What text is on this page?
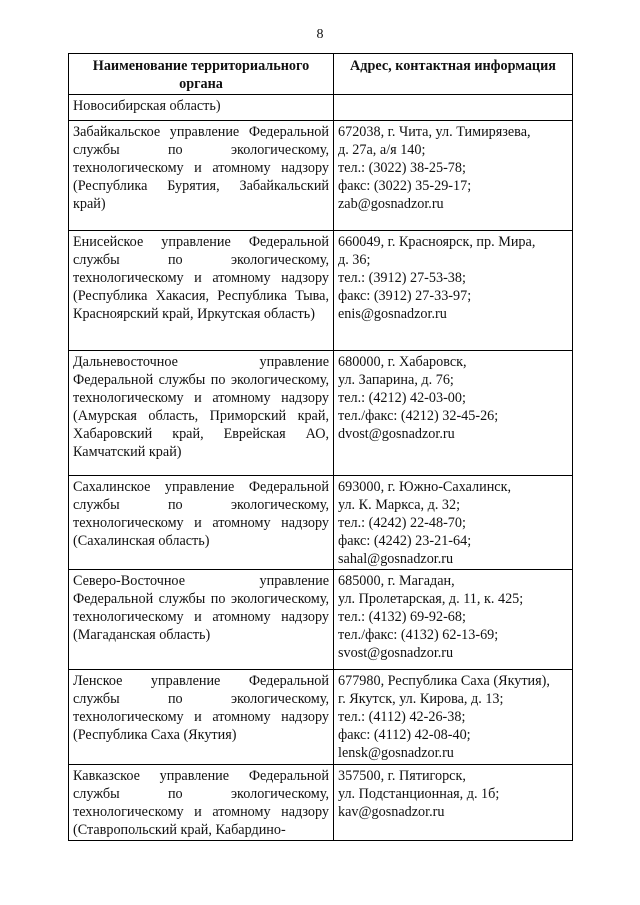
8
Наименование территориального органа	Адрес, контактная информация
Новосибирская область)	
Забайкальское управление Федеральной службы по экологическому, технологическому и атомному надзору (Республика Бурятия, Забайкальский край)	672038, г. Чита, ул. Тимирязева,
д. 27а, а/я 140;
тел.: (3022) 38-25-78;
факс: (3022) 35-29-17;
zab@gosnadzor.ru

Енисейское управление Федеральной службы по экологическому, технологическому и атомному надзору (Республика Хакасия, Республика Тыва, Красноярский край, Иркутская область)	660049, г. Красноярск, пр. Мира,
д. 36;
тел.: (3912) 27-53-38;
факс: (3912) 27-33-97;
enis@gosnadzor.ru

Дальневосточное управление Федеральной службы по экологическому, технологическому и атомному надзору (Амурская область, Приморский край, Хабаровский край, Еврейская АО, Камчатский край)	680000, г. Хабаровск,
ул. Запарина, д. 76;
тел.: (4212) 42-03-00;
тел./факс: (4212) 32-45-26;
dvost@gosnadzor.ru

Сахалинское управление Федеральной службы по экологическому, технологическому и атомному надзору (Сахалинская область)	693000, г. Южно-Сахалинск,
ул. К. Маркса, д. 32;
тел.: (4242) 22-48-70;
факс: (4242) 23-21-64;
sahal@gosnadzor.ru

Северо-Восточное управление Федеральной службы по экологическому, технологическому и атомному надзору (Магаданская область)	685000, г. Магадан,
ул. Пролетарская, д. 11, к. 425;
тел.: (4132) 69-92-68;
тел./факс: (4132) 62-13-69;
svost@gosnadzor.ru

Ленское управление Федеральной службы по экологическому, технологическому и атомному надзору (Республика Саха (Якутия)	677980, Республика Саха (Якутия),
г. Якутск, ул. Кирова, д. 13;
тел.: (4112) 42-26-38;
факс: (4112) 42-08-40;
lensk@gosnadzor.ru

Кавказское управление Федеральной службы по экологическому, технологическому и атомному надзору (Ставропольский край, Кабардино-	357500, г. Пятигорск,
ул. Подстанционная, д. 1б;
kav@gosnadzor.ru
